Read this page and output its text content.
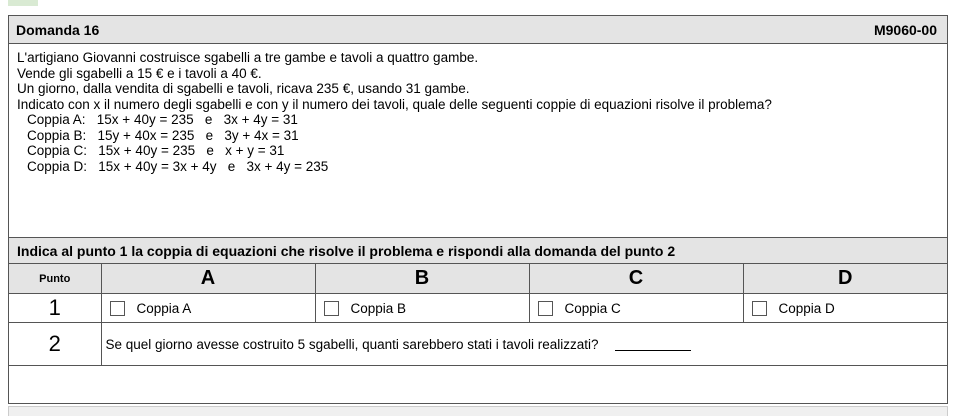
Domanda 16	M9060-00

L'artigiano Giovanni costruisce sgabelli a tre gambe e tavoli a quattro gambe.

Vende gli sgabelli a 15 € e i tavoli a 40 €.

Un giorno, dalla vendita di sgabelli e tavoli, ricava 235 €, usando 31 gambe.

Indicato con x il numero degli sgabelli e con y il numero dei tavoli, quale delle seguenti coppie di equazioni risolve il problema?

Coppia A:   15x + 40y = 235   e   3x + 4y = 31

Coppia B:   15y + 40x = 235   e   3y + 4x = 31

Coppia C:   15x + 40y = 235   e   x + y = 31

Coppia D:   15x + 40y = 3x + 4y   e   3x + 4y = 235

Indica al punto 1 la coppia di equazioni che risolve il problema e rispondi alla domanda del punto 2
Punto	A	B	C	D
1	Coppia A	Coppia B	Coppia C	Coppia D

2	Se quel giorno avesse costruito 5 sgabelli, quanti sarebbero stati i tavoli realizzati?			
